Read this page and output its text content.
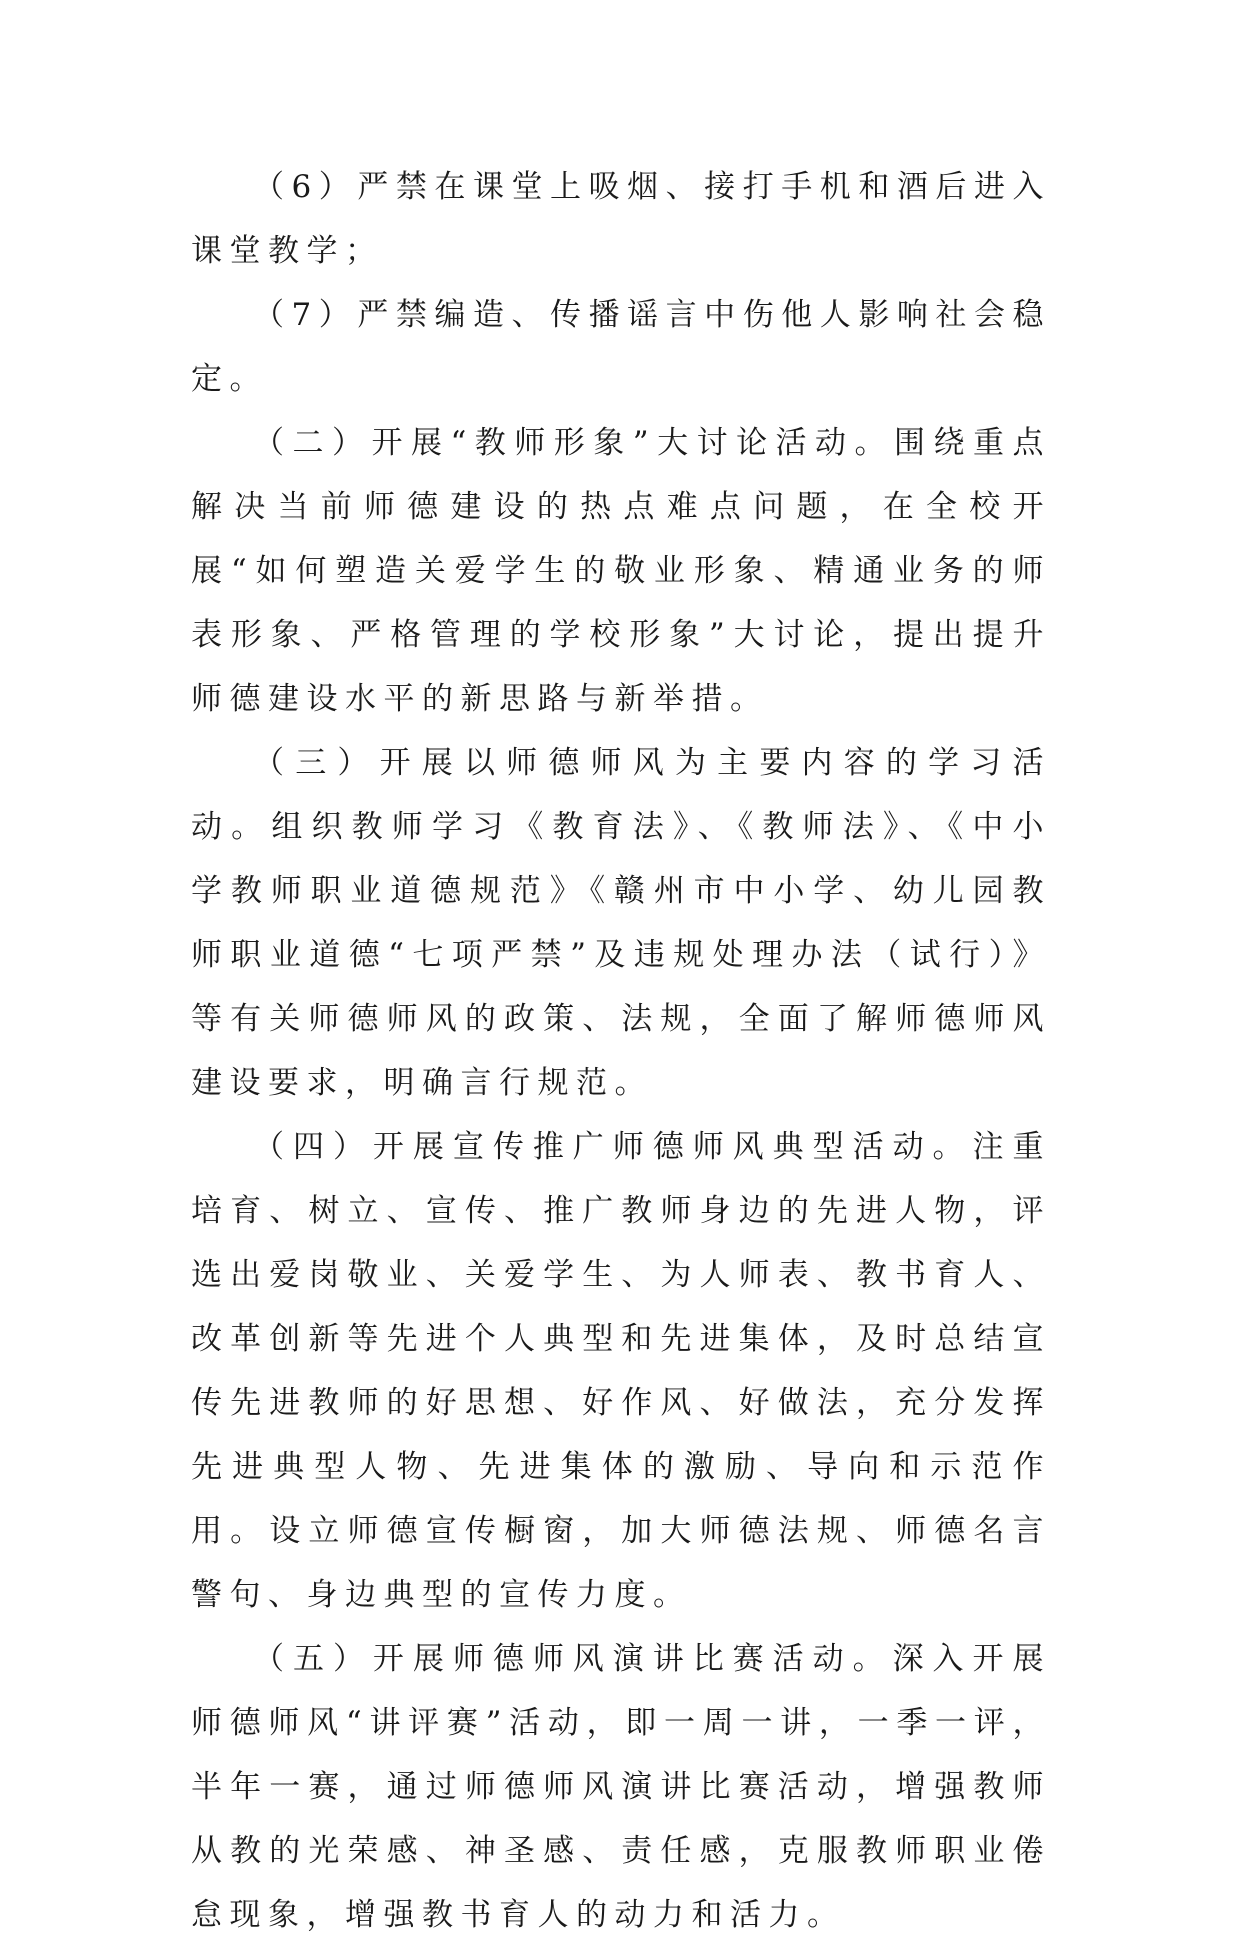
（6）严禁在课堂上吸烟、接打手机和酒后进入课堂教学；

（7）严禁编造、传播谣言中伤他人影响社会稳定。

（二）开展“教师形象”大讨论活动。围绕重点解决当前师德建设的热点难点问题，在全校开展“如何塑造关爱学生的敬业形象、精通业务的师表形象、严格管理的学校形象”大讨论，提出提升师德建设水平的新思路与新举措。

（三）开展以师德师风为主要内容的学习活动。组织教师学习《教育法》、《教师法》、《中小学教师职业道德规范》《赣州市中小学、幼儿园教师职业道德“七项严禁”及违规处理办法（试行）》等有关师德师风的政策、法规，全面了解师德师风建设要求，明确言行规范。

（四）开展宣传推广师德师风典型活动。注重培育、树立、宣传、推广教师身边的先进人物，评选出爱岗敬业、关爱学生、为人师表、教书育人、改革创新等先进个人典型和先进集体，及时总结宣传先进教师的好思想、好作风、好做法，充分发挥先进典型人物、先进集体的激励、导向和示范作用。设立师德宣传橱窗，加大师德法规、师德名言警句、身边典型的宣传力度。

（五）开展师德师风演讲比赛活动。深入开展师德师风“讲评赛”活动，即一周一讲，一季一评，半年一赛，通过师德师风演讲比赛活动，增强教师从教的光荣感、神圣感、责任感，克服教师职业倦怠现象，增强教书育人的动力和活力。
